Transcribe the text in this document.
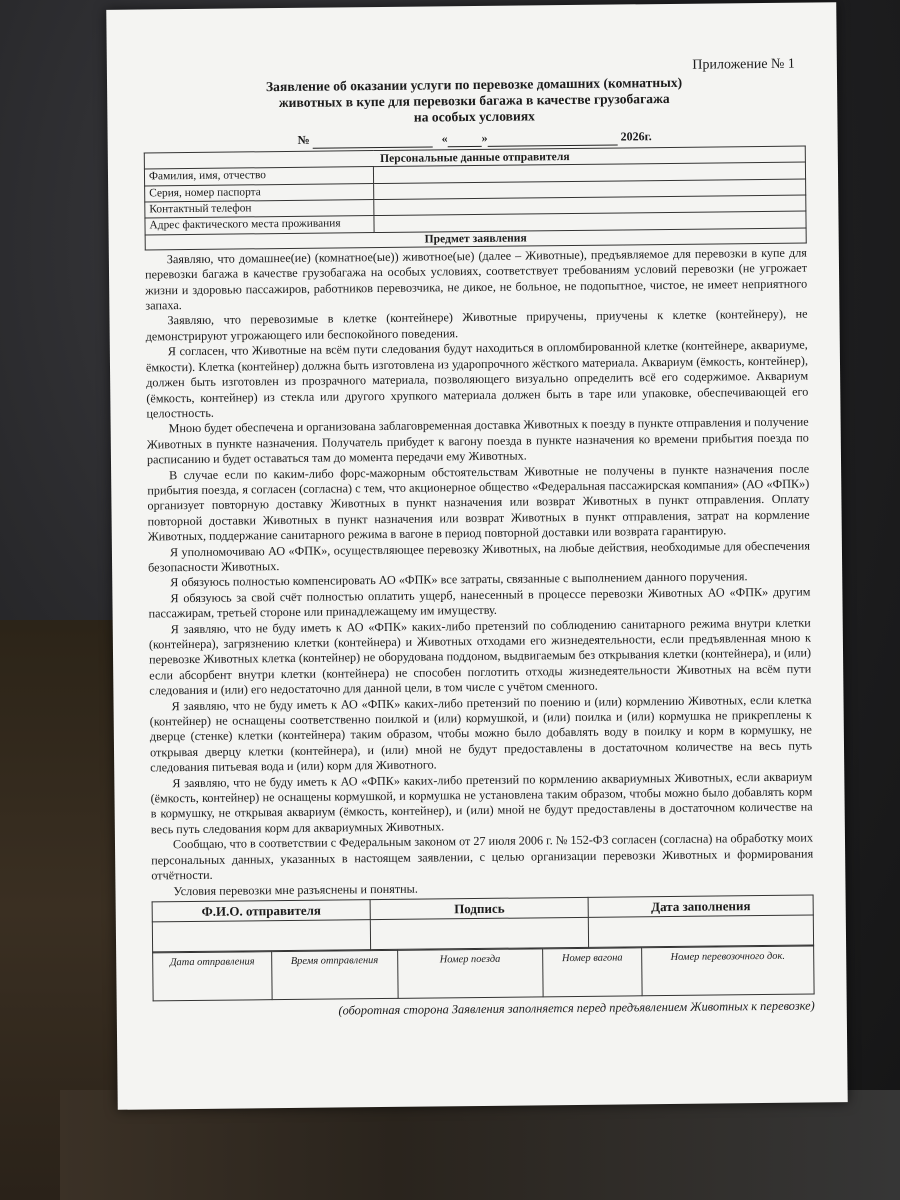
Приложение № 1
Заявление об оказании услуги по перевозке домашних (комнатных)
животных в купе для перевозки багажа в качестве грузобагажа
на особых условиях
№	«	»	2026г.
Персональные данные отправителя	
Фамилия, имя, отчество	
Серия, номер паспорта	
Контактный телефон	
Адрес фактического места проживания	
Предмет заявления

Заявляю, что домашнее(ие) (комнатное(ые)) животное(ые) (далее – Животные), предъявляемое для перевозки в купе для перевозки багажа в качестве грузобагажа на особых условиях, соответствует требованиям условий перевозки (не угрожает жизни и здоровью пассажиров, работников перевозчика, не дикое, не больное, не подопытное, чистое, не имеет неприятного запаха.

Заявляю, что перевозимые в клетке (контейнере) Животные приручены, приучены к клетке (контейнеру), не демонстрируют угрожающего или беспокойного поведения.

Я согласен, что Животные на всём пути следования будут находиться в опломбированной клетке (контейнере, аквариуме, ёмкости). Клетка (контейнер) должна быть изготовлена из ударопрочного жёсткого материала. Аквариум (ёмкость, контейнер), должен быть изготовлен из прозрачного материала, позволяющего визуально определить всё его содержимое. Аквариум (ёмкость, контейнер) из стекла или другого хрупкого материала должен быть в таре или упаковке, обеспечивающей его целостность.

Мною будет обеспечена и организована заблаговременная доставка Животных к поезду в пункте отправления и получение Животных в пункте назначения. Получатель прибудет к вагону поезда в пункте назначения ко времени прибытия поезда по расписанию и будет оставаться там до момента передачи ему Животных.

В случае если по каким-либо форс-мажорным обстоятельствам Животные не получены в пункте назначения после прибытия поезда, я согласен (согласна) с тем, что акционерное общество «Федеральная пассажирская компания» (АО «ФПК») организует повторную доставку Животных в пункт назначения или возврат Животных в пункт отправления. Оплату повторной доставки Животных в пункт назначения или возврат Животных в пункт отправления, затрат на кормление Животных, поддержание санитарного режима в вагоне в период повторной доставки или возврата гарантирую.

Я уполномочиваю АО «ФПК», осуществляющее перевозку Животных, на любые действия, необходимые для обеспечения безопасности Животных.

Я обязуюсь полностью компенсировать АО «ФПК» все затраты, связанные с выполнением данного поручения.

Я обязуюсь за свой счёт полностью оплатить ущерб, нанесенный в процессе перевозки Животных АО «ФПК» другим пассажирам, третьей стороне или принадлежащему им имуществу.

Я заявляю, что не буду иметь к АО «ФПК» каких-либо претензий по соблюдению санитарного режима внутри клетки (контейнера), загрязнению клетки (контейнера) и Животных отходами его жизнедеятельности, если предъявленная мною к перевозке Животных клетка (контейнер) не оборудована поддоном, выдвигаемым без открывания клетки (контейнера), и (или) если абсорбент внутри клетки (контейнера) не способен поглотить отходы жизнедеятельности Животных на всём пути следования и (или) его недостаточно для данной цели, в том числе с учётом сменного.

Я заявляю, что не буду иметь к АО «ФПК» каких-либо претензий по поению и (или) кормлению Животных, если клетка (контейнер) не оснащены соответственно поилкой и (или) кормушкой, и (или) поилка и (или) кормушка не прикреплены к дверце (стенке) клетки (контейнера) таким образом, чтобы можно было добавлять воду в поилку и корм в кормушку, не открывая дверцу клетки (контейнера), и (или) мной не будут предоставлены в достаточном количестве на весь путь следования питьевая вода и (или) корм для Животного.

Я заявляю, что не буду иметь к АО «ФПК» каких-либо претензий по кормлению аквариумных Животных, если аквариум (ёмкость, контейнер) не оснащены кормушкой, и кормушка не установлена таким образом, чтобы можно было добавлять корм в кормушку, не открывая аквариум (ёмкость, контейнер), и (или) мной не будут предоставлены в достаточном количестве на весь путь следования корм для аквариумных Животных.

Сообщаю, что в соответствии с Федеральным законом от 27 июля 2006 г. № 152-ФЗ согласен (согласна) на обработку моих персональных данных, указанных в настоящем заявлении, с целью организации перевозки Животных и формирования отчётности.

Условия перевозки мне разъяснены и понятны.

Ф.И.О. отправителя	Подпись	Дата заполнения

Дата отправления	Время отправления	Номер поезда	Номер вагона	Номер перевозочного док.
(оборотная сторона Заявления заполняется перед предъявлением Животных к перевозке)
